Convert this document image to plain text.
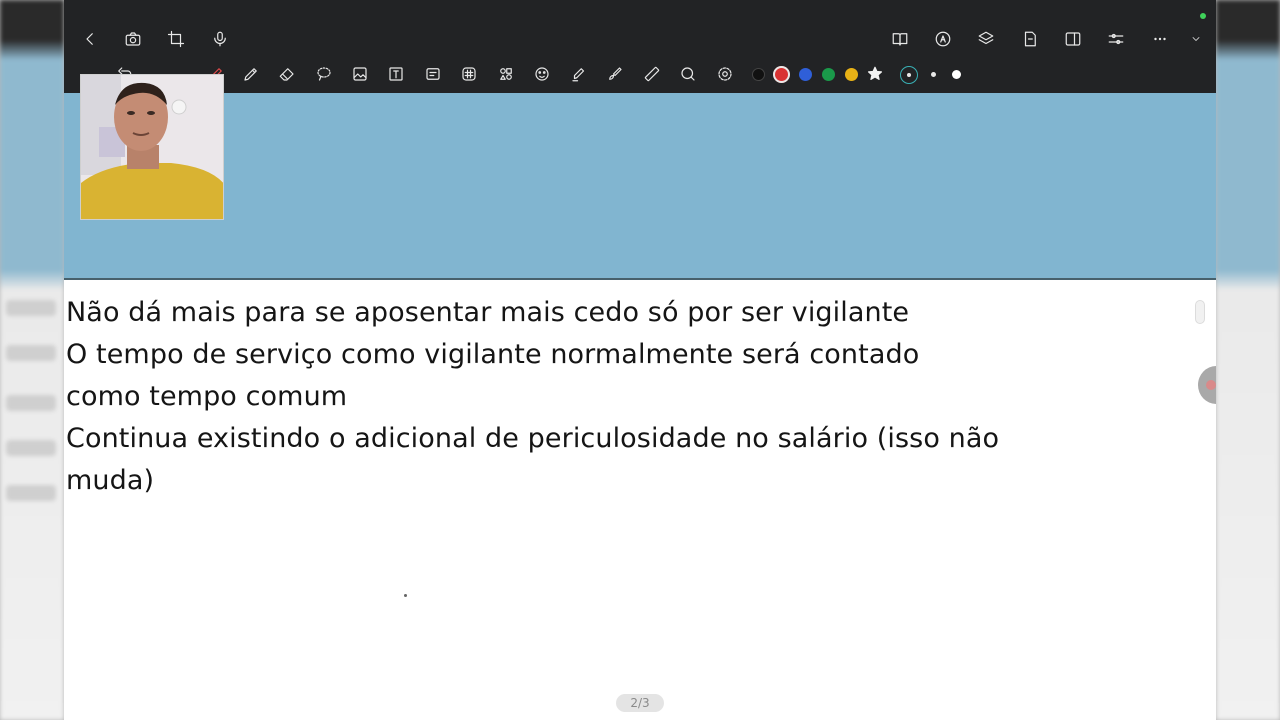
Não dá mais para se aposentar mais cedo só por ser vigilante

O tempo de serviço como vigilante normalmente será contado

como tempo comum

Continua existindo o adicional de periculosidade no salário (isso não

muda)

2/3
